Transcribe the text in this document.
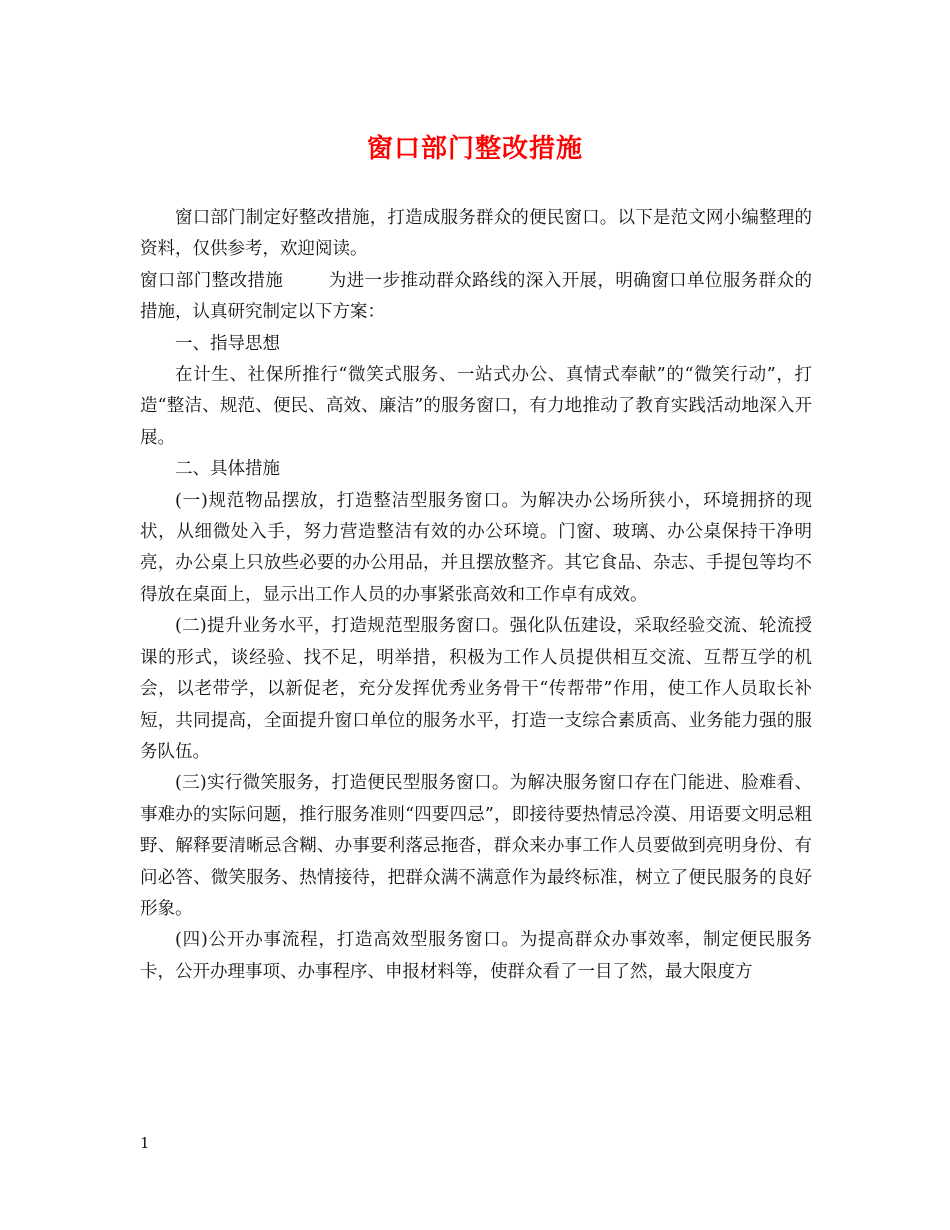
窗口部门整改措施

窗口部门制定好整改措施，打造成服务群众的便民窗口。以下是范文网小编整理的资料，仅供参考，欢迎阅读。

窗口部门整改措施	为进一步推动群众路线的深入开展，明确窗口单位服务群众的措施，认真研究制定以下方案：

一、指导思想

在计生、社保所推行“微笑式服务、一站式办公、真情式奉献”的“微笑行动”，打造“整洁、规范、便民、高效、廉洁”的服务窗口，有力地推动了教育实践活动地深入开展。

二、具体措施

(一)规范物品摆放，打造整洁型服务窗口。为解决办公场所狭小，环境拥挤的现状，从细微处入手，努力营造整洁有效的办公环境。门窗、玻璃、办公桌保持干净明亮，办公桌上只放些必要的办公用品，并且摆放整齐。其它食品、杂志、手提包等均不得放在桌面上，显示出工作人员的办事紧张高效和工作卓有成效。

(二)提升业务水平，打造规范型服务窗口。强化队伍建设，采取经验交流、轮流授课的形式，谈经验、找不足，明举措，积极为工作人员提供相互交流、互帮互学的机会，以老带学，以新促老，充分发挥优秀业务骨干“传帮带”作用，使工作人员取长补短，共同提高，全面提升窗口单位的服务水平，打造一支综合素质高、业务能力强的服务队伍。

(三)实行微笑服务，打造便民型服务窗口。为解决服务窗口存在门能进、脸难看、事难办的实际问题，推行服务准则“四要四忌”，即接待要热情忌冷漠、用语要文明忌粗野、解释要清晰忌含糊、办事要利落忌拖沓，群众来办事工作人员要做到亮明身份、有问必答、微笑服务、热情接待，把群众满不满意作为最终标准，树立了便民服务的良好形象。

(四)公开办事流程，打造高效型服务窗口。为提高群众办事效率，制定便民服务卡，公开办理事项、办事程序、申报材料等，使群众看了一目了然，最大限度方

1
